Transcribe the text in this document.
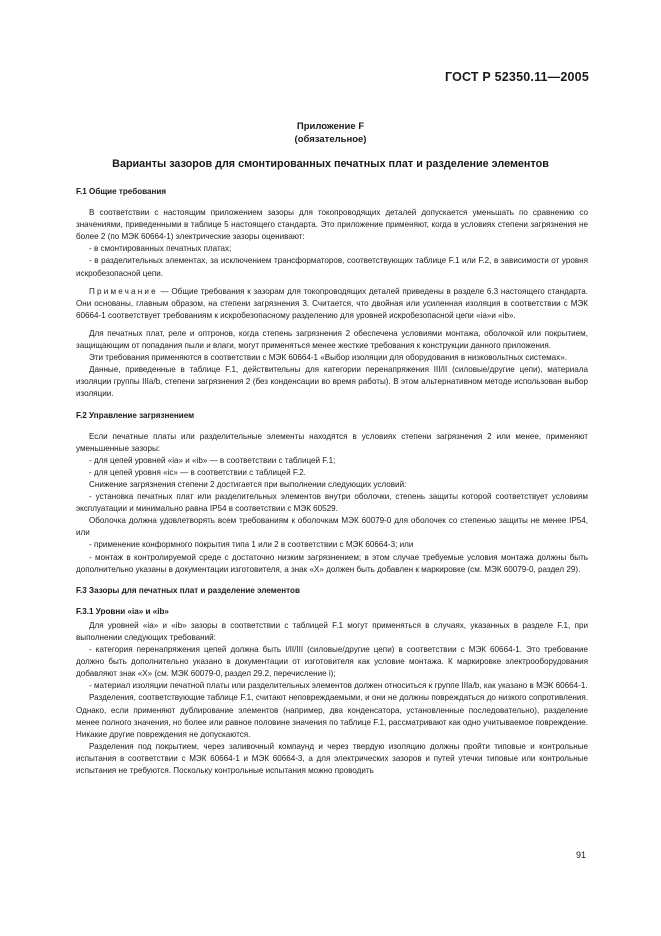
ГОСТ Р 52350.11—2005
Приложение F
(обязательное)
Варианты зазоров для смонтированных печатных плат и разделение элементов

F.1 Общие требования

В соответствии с настоящим приложением зазоры для токопроводящих деталей допускается уменьшать по сравнению со значениями, приведенными в таблице 5 настоящего стандарта. Это приложение применяют, когда в условиях степени загрязнения не более 2 (по МЭК 60664-1) электрические зазоры оценивают:

- в смонтированных печатных платах;

- в разделительных элементах, за исключением трансформаторов, соответствующих таблице F.1 или F.2, в зависимости от уровня искробезопасной цепи.

Примечание — Общие требования к зазорам для токопроводящих деталей приведены в разделе 6.3 настоящего стандарта. Они основаны, главным образом, на степени загрязнения 3. Считается, что двойная или усиленная изоляция в соответствии с МЭК 60664-1 соответствует требованиям к искробезопасному разделению для уровней искробезопасной цепи «ia»и «ib».

Для печатных плат, реле и оптронов, когда степень загрязнения 2 обеспечена условиями монтажа, оболочкой или покрытием, защищающим от попадания пыли и влаги, могут применяться менее жесткие требования к конструкции данного приложения.

Эти требования применяются в соответствии с МЭК 60664-1 «Выбор изоляции для оборудования в низковольтных системах».

Данные, приведенные в таблице F.1, действительны для категории перенапряжения III/II (силовые/другие цепи), материала изоляции группы IIIa/b, степени загрязнения 2 (без конденсации во время работы). В этом альтернативном методе использован выбор изоляции.

F.2 Управление загрязнением

Если печатные платы или разделительные элементы находятся в условиях степени загрязнения 2 или менее, применяют уменьшенные зазоры:

- для цепей уровней «ia» и «ib» — в соответствии с таблицей F.1;

- для цепей уровня «ic» — в соответствии с таблицей F.2.

Снижение загрязнения степени 2 достигается при выполнении следующих условий:

- установка печатных плат или разделительных элементов внутри оболочки, степень защиты которой соответствует условиям эксплуатации и минимально равна IP54 в соответствии с МЭК 60529.

Оболочка должна удовлетворять всем требованиям к оболочкам МЭК 60079-0 для оболочек со степенью защиты не менее IP54, или

- применение конформного покрытия типа 1 или 2 в соответствии с МЭК 60664-3; или

- монтаж в контролируемой среде с достаточно низким загрязнением; в этом случае требуемые условия монтажа должны быть дополнительно указаны в документации изготовителя, а знак «X» должен быть добавлен к маркировке (см. МЭК 60079-0, раздел 29).

F.3 Зазоры для печатных плат и разделение элементов

F.3.1 Уровни «ia» и «ib»

Для уровней «ia» и «ib» зазоры в соответствии с таблицей F.1 могут применяться в случаях, указанных в разделе F.1, при выполнении следующих требований:

- категория перенапряжения цепей должна быть I/II/III (силовые/другие цепи) в соответствии с МЭК 60664-1. Это требование должно быть дополнительно указано в документации от изготовителя как условие монтажа. К маркировке электрооборудования добавляют знак «X» (см. МЭК 60079-0, раздел 29.2, перечисление i);

- материал изоляции печатной платы или разделительных элементов должен относиться к группе IIIa/b, как указано в МЭК 60664-1.

Разделения, соответствующие таблице F.1, считают неповреждаемыми, и они не должны повреждаться до низкого сопротивления. Однако, если применяют дублирование элементов (например, два конденсатора, установленные последовательно), разделение менее полного значения, но более или равное половине значения по таблице F.1, рассматривают как одно учитываемое повреждение. Никакие другие повреждения не допускаются.

Разделения под покрытием, через заливочный компаунд и через твердую изоляцию должны пройти типовые и контрольные испытания в соответствии с МЭК 60664-1 и МЭК 60664-3, а для электрических зазоров и путей утечки типовые или контрольные испытания не требуются. Поскольку контрольные испытания можно проводить

91
